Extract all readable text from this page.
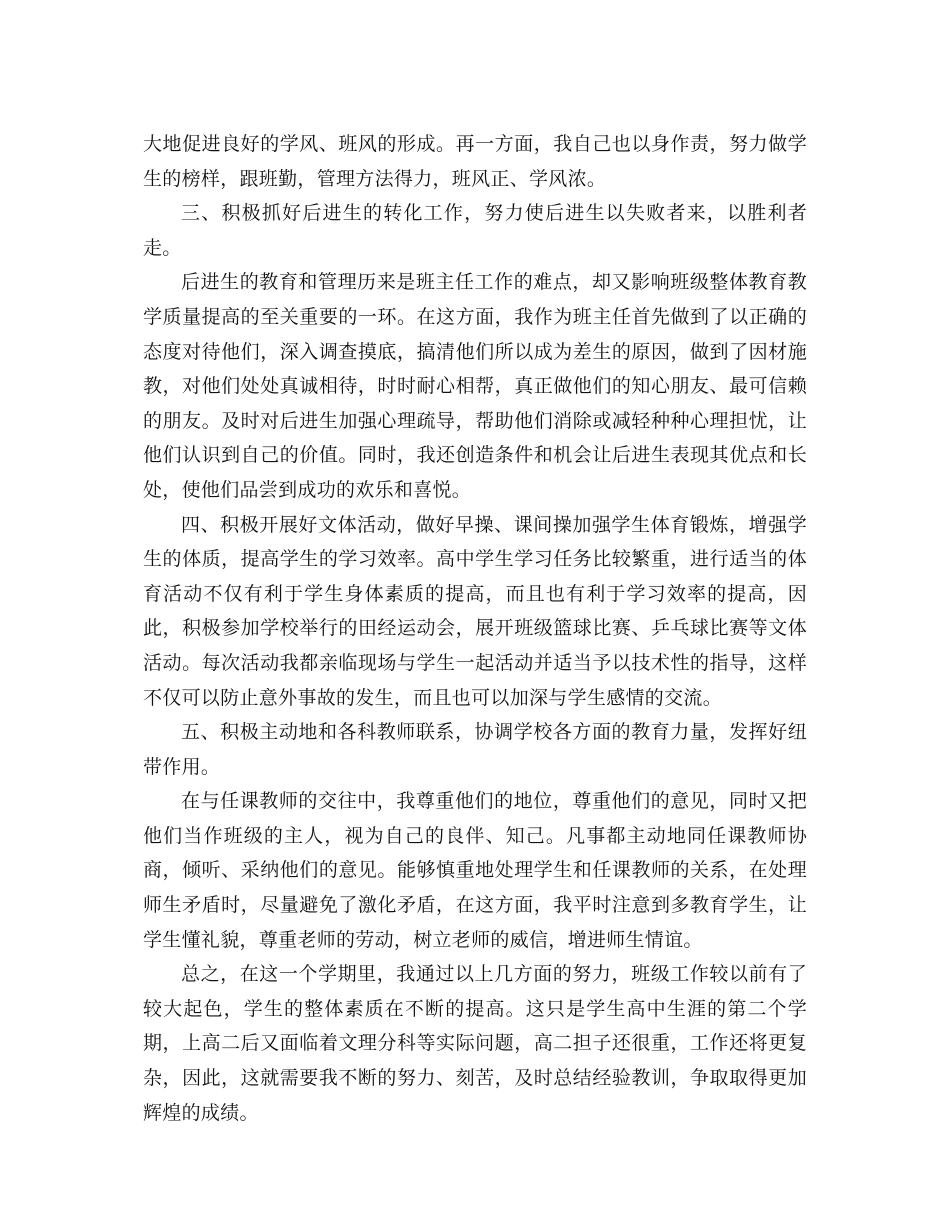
大地促进良好的学风、班风的形成。再一方面，我自己也以身作责，努力做学生的榜样，跟班勤，管理方法得力，班风正、学风浓。

三、积极抓好后进生的转化工作，努力使后进生以失败者来，以胜利者走。

后进生的教育和管理历来是班主任工作的难点，却又影响班级整体教育教学质量提高的至关重要的一环。在这方面，我作为班主任首先做到了以正确的态度对待他们，深入调查摸底，搞清他们所以成为差生的原因，做到了因材施教，对他们处处真诚相待，时时耐心相帮，真正做他们的知心朋友、最可信赖的朋友。及时对后进生加强心理疏导，帮助他们消除或减轻种种心理担忧，让他们认识到自己的价值。同时，我还创造条件和机会让后进生表现其优点和长处，使他们品尝到成功的欢乐和喜悦。

四、积极开展好文体活动，做好早操、课间操加强学生体育锻炼，增强学生的体质，提高学生的学习效率。高中学生学习任务比较繁重，进行适当的体育活动不仅有利于学生身体素质的提高，而且也有利于学习效率的提高，因此，积极参加学校举行的田经运动会，展开班级篮球比赛、乒乓球比赛等文体活动。每次活动我都亲临现场与学生一起活动并适当予以技术性的指导，这样不仅可以防止意外事故的发生，而且也可以加深与学生感情的交流。

五、积极主动地和各科教师联系，协调学校各方面的教育力量，发挥好纽带作用。

在与任课教师的交往中，我尊重他们的地位，尊重他们的意见，同时又把他们当作班级的主人，视为自己的良伴、知己。凡事都主动地同任课教师协商，倾听、采纳他们的意见。能够慎重地处理学生和任课教师的关系，在处理师生矛盾时，尽量避免了激化矛盾，在这方面，我平时注意到多教育学生，让学生懂礼貌，尊重老师的劳动，树立老师的威信，增进师生情谊。

总之，在这一个学期里，我通过以上几方面的努力，班级工作较以前有了较大起色，学生的整体素质在不断的提高。这只是学生高中生涯的第二个学期，上高二后又面临着文理分科等实际问题，高二担子还很重，工作还将更复杂，因此，这就需要我不断的努力、刻苦，及时总结经验教训，争取取得更加辉煌的成绩。
